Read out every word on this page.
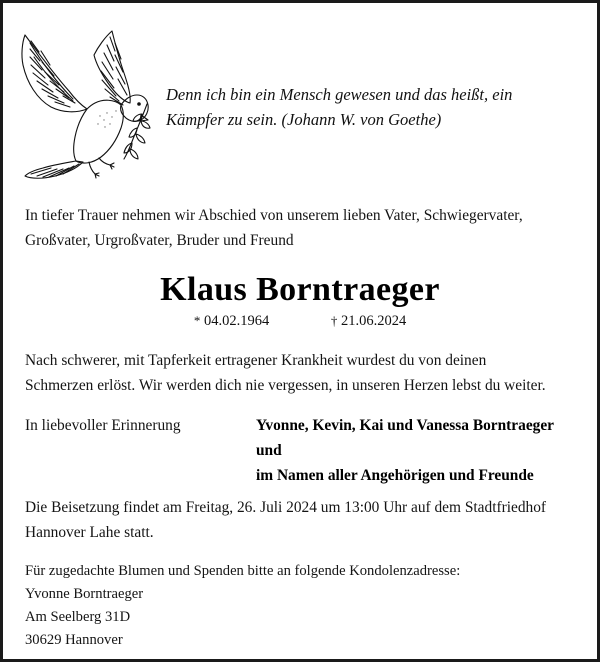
Denn ich bin ein Mensch gewesen und das heißt, ein
Kämpfer zu sein. (Johann W. von Goethe)
In tiefer Trauer nehmen wir Abschied von unserem lieben Vater, Schwiegervater,
Großvater, Urgroßvater, Bruder und Freund
Klaus Borntraeger
* 04.02.1964	† 21.06.2024
Nach schwerer, mit Tapferkeit ertragener Krankheit wurdest du von deinen
Schmerzen erlöst. Wir werden dich nie vergessen, in unseren Herzen lebst du weiter.
In liebevoller Erinnerung	Yvonne, Kevin, Kai und Vanessa Borntraeger
und
im Namen aller Angehörigen und Freunde
Die Beisetzung findet am Freitag, 26. Juli 2024 um 13:00 Uhr auf dem Stadtfriedhof
Hannover Lahe statt.
Für zugedachte Blumen und Spenden bitte an folgende Kondolenzadresse:
Yvonne Borntraeger
Am Seelberg 31D
30629 Hannover
